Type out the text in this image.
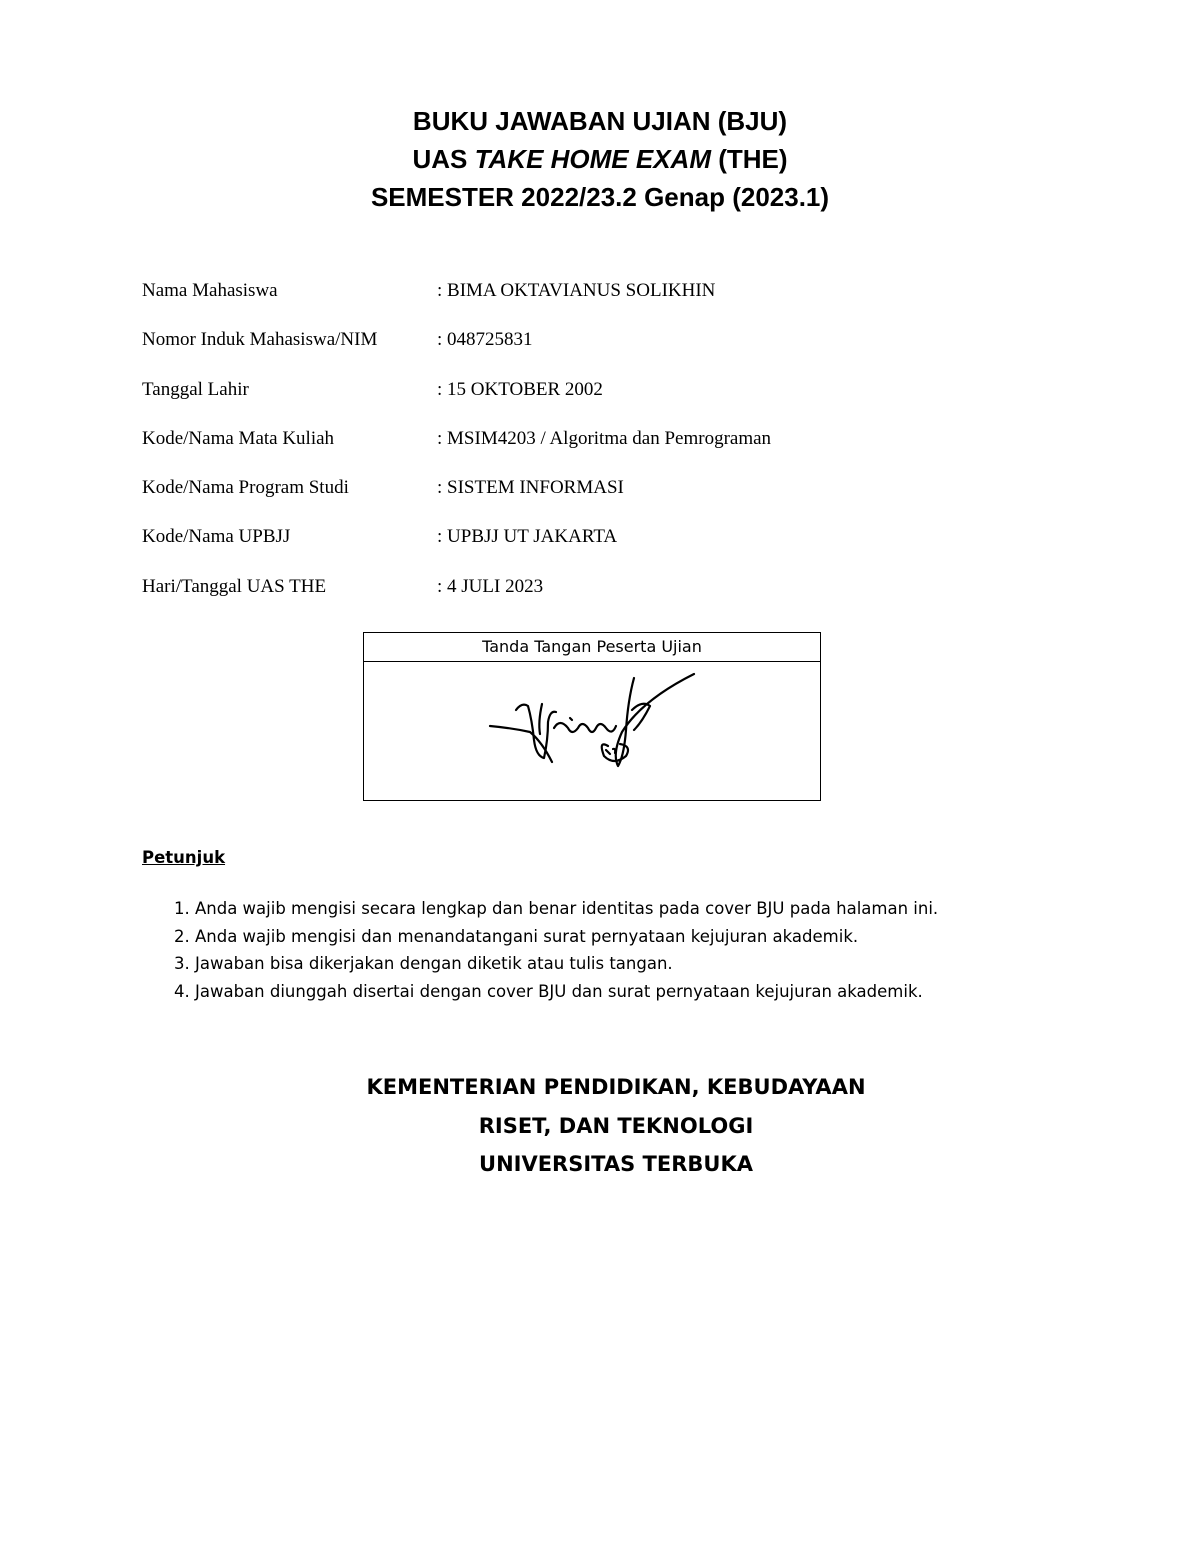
BUKU JAWABAN UJIAN (BJU)

UAS TAKE HOME EXAM (THE)

SEMESTER 2022/23.2 Genap (2023.1)

Nama Mahasiswa	: BIMA OKTAVIANUS SOLIKHIN
Nomor Induk Mahasiswa/NIM	: 048725831
Tanggal Lahir	: 15 OKTOBER 2002
Kode/Nama Mata Kuliah	: MSIM4203 / Algoritma dan Pemrograman
Kode/Nama Program Studi	: SISTEM INFORMASI
Kode/Nama UPBJJ	: UPBJJ UT JAKARTA
Hari/Tanggal UAS THE	: 4 JULI 2023
Tanda Tangan Peserta Ujian
Petunjuk
1. Anda wajib mengisi secara lengkap dan benar identitas pada cover BJU pada halaman ini.
2. Anda wajib mengisi dan menandatangani surat pernyataan kejujuran akademik.
3. Jawaban bisa dikerjakan dengan diketik atau tulis tangan.
4. Jawaban diunggah disertai dengan cover BJU dan surat pernyataan kejujuran akademik.
KEMENTERIAN PENDIDIKAN, KEBUDAYAAN
RISET, DAN TEKNOLOGI
UNIVERSITAS TERBUKA
